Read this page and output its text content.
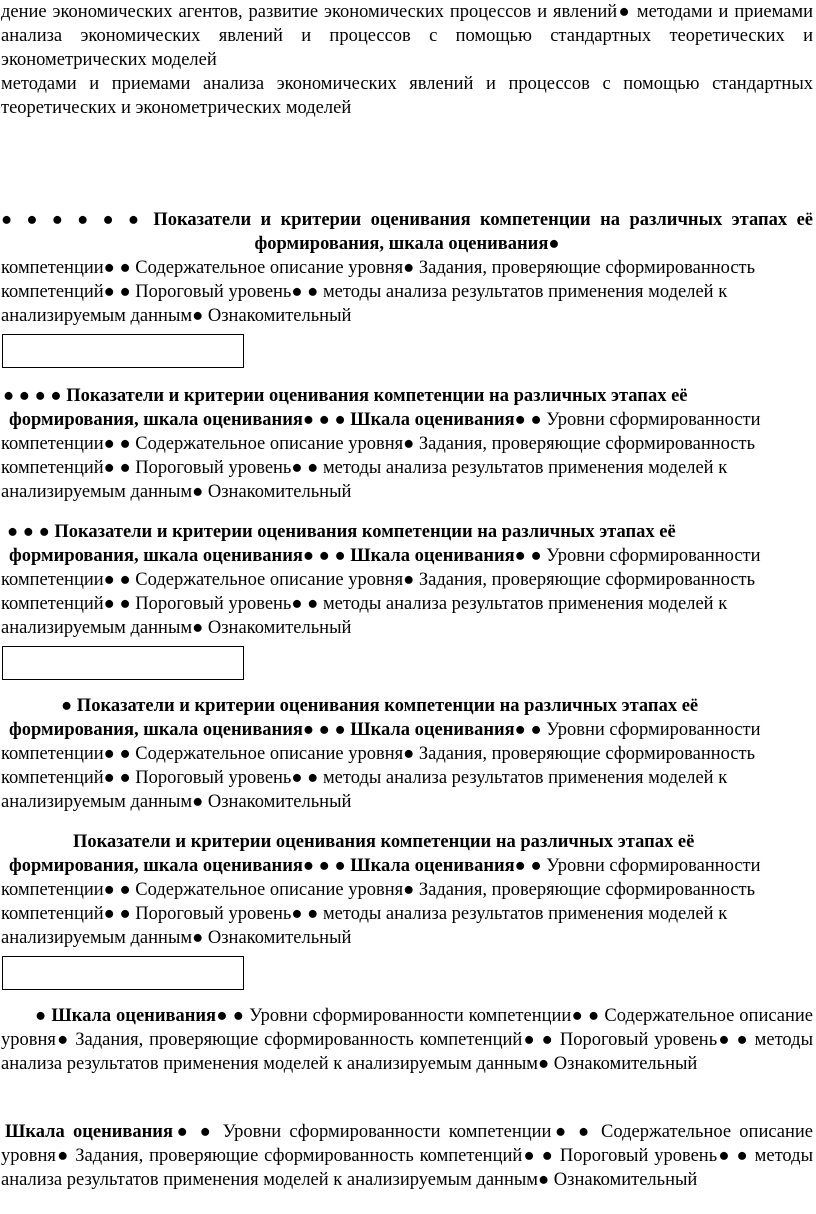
дение экономических агентов, развитие экономических процессов и явлений● методами и приемами анализа экономических явлений и процессов с помощью стандартных теоретических и эконометрических моделей

методами и приемами анализа экономических явлений и процессов с помощью стандартных теоретических и эконометрических моделей

● ● ● ● ● ● Показатели и критерии оценивания компетенции на различных этапах её формирования, шкала оценивания●

компетенции● ● Содержательное описание уровня● Задания, проверяющие сформированность компетенций● ● Пороговый уровень● ● методы анализа результатов применения моделей к анализируемым данным● Ознакомительный

● ● ● ● Показатели и критерии оценивания компетенции на различных этапах её

формирования, шкала оценивания● ● ● Шкала оценивания● ● Уровни сформированности

компетенции● ● Содержательное описание уровня● Задания, проверяющие сформированность компетенций● ● Пороговый уровень● ● методы анализа результатов применения моделей к анализируемым данным● Ознакомительный

● ● ● Показатели и критерии оценивания компетенции на различных этапах её

формирования, шкала оценивания● ● ● Шкала оценивания● ● Уровни сформированности

компетенции● ● Содержательное описание уровня● Задания, проверяющие сформированность компетенций● ● Пороговый уровень● ● методы анализа результатов применения моделей к анализируемым данным● Ознакомительный

● Показатели и критерии оценивания компетенции на различных этапах её

формирования, шкала оценивания● ● ● Шкала оценивания● ● Уровни сформированности

компетенции● ● Содержательное описание уровня● Задания, проверяющие сформированность компетенций● ● Пороговый уровень● ● методы анализа результатов применения моделей к анализируемым данным● Ознакомительный

Показатели и критерии оценивания компетенции на различных этапах её

формирования, шкала оценивания● ● ● Шкала оценивания● ● Уровни сформированности

компетенции● ● Содержательное описание уровня● Задания, проверяющие сформированность компетенций● ● Пороговый уровень● ● методы анализа результатов применения моделей к анализируемым данным● Ознакомительный

● Шкала оценивания● ● Уровни сформированности компетенции● ● Содержательное описание уровня● Задания, проверяющие сформированность компетенций● ● Пороговый уровень● ● методы анализа результатов применения моделей к анализируемым данным● Ознакомительный

Шкала оценивания● ● Уровни сформированности компетенции● ● Содержательное описание уровня● Задания, проверяющие сформированность компетенций● ● Пороговый уровень● ● методы анализа результатов применения моделей к анализируемым данным● Ознакомительный
